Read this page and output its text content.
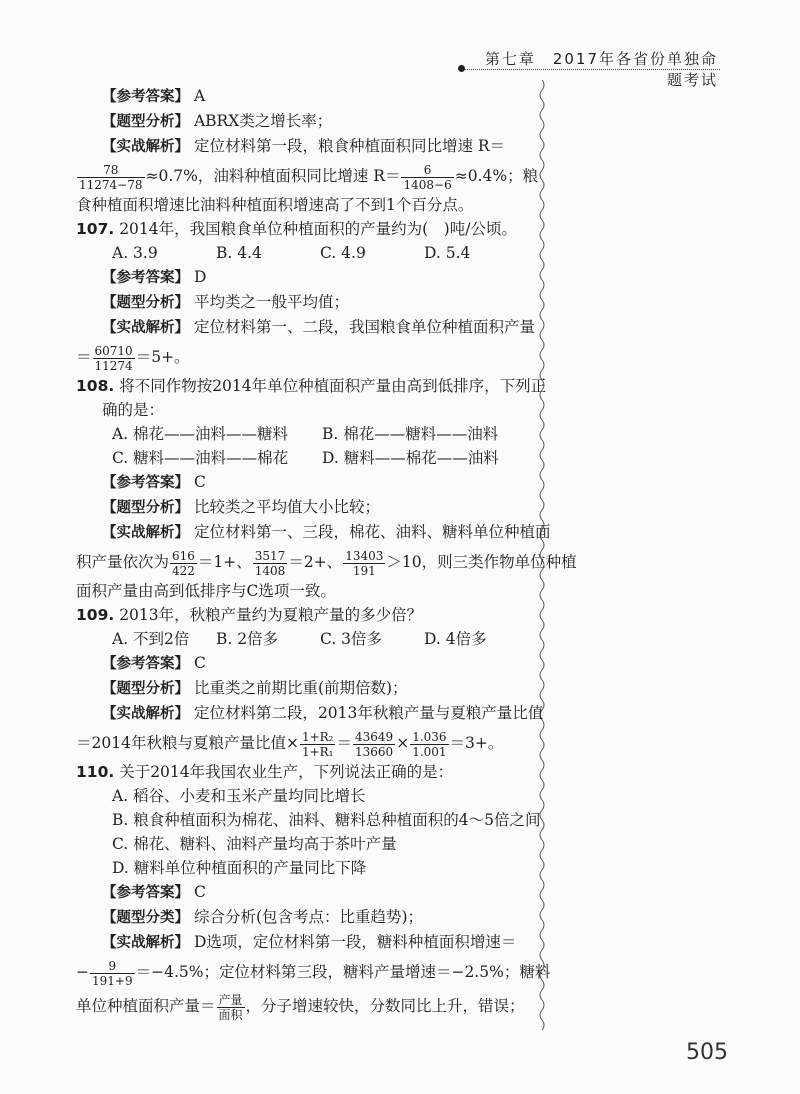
第七章　2017年各省份单独命题考试
【参考答案】 A
【题型分析】 ABRX类之增长率；
【实战解析】 定位材料第一段，粮食种植面积同比增速 R＝
$\frac{78}{11274-78} \approx 0.7\%$，油料种植面积同比增速 $R= \frac{6}{1408-6} \approx 0.4\%$；粮
食种植面积增速比油料种植面积增速高了不到1个百分点。
107. 2014年，我国粮食单位种植面积的产量约为(　)吨/公顷。
A. 3.9	B. 4.4	C. 4.9	D. 5.4
【参考答案】 D
【题型分析】 平均类之一般平均值；
【实战解析】 定位材料第一、二段，我国粮食单位种植面积产量
＝ $\frac{60710}{11274} =5+$。
108. 将不同作物按2014年单位种植面积产量由高到低排序，下列正
确的是：
A. 棉花——油料——糖料 B. 棉花——糖料——油料
C. 糖料——油料——棉花 D. 糖料——棉花——油料
【参考答案】 C
【题型分析】 比较类之平均值大小比较；
【实战解析】 定位材料第一、三段，棉花、油料、糖料单位种植面
积产量依次为 $\frac{616}{422} =1+$、 $\frac{3517}{1408} =2+$、 $\frac{13403}{191} >10$，则三类作物单位种植
面积产量由高到低排序与C选项一致。
109. 2013年，秋粮产量约为夏粮产量的多少倍？
A. 不到2倍 B. 2倍多	C. 3倍多	D. 4倍多
【参考答案】 C
【题型分析】 比重类之前期比重(前期倍数)；
【实战解析】 定位材料第二段，2013年秋粮产量与夏粮产量比值
＝2014年秋粮与夏粮产量比值× $\frac{\text{1+R₂}}{\text{1+R₁}} = \frac{43649}{13660} \times \frac{1.036}{1.001} =3+$。
110. 关于2014年我国农业生产，下列说法正确的是：
A. 稻谷、小麦和玉米产量均同比增长
B. 粮食种植面积为棉花、油料、糖料总种植面积的4～5倍之间
C. 棉花、糖料、油料产量均高于茶叶产量
D. 糖料单位种植面积的产量同比下降
【参考答案】 C
【题型分类】 综合分析(包含考点：比重趋势)；
【实战解析】 D选项，定位材料第一段，糖料种植面积增速＝
− $\frac{9}{191+9} =-4.5\%$；定位材料第三段，糖料产量增速＝−2.5%；糖料
单位种植面积产量＝ $\frac{\text{产量}}{\text{面积}}$ ，分子增速较快，分数同比上升，错误；
505
